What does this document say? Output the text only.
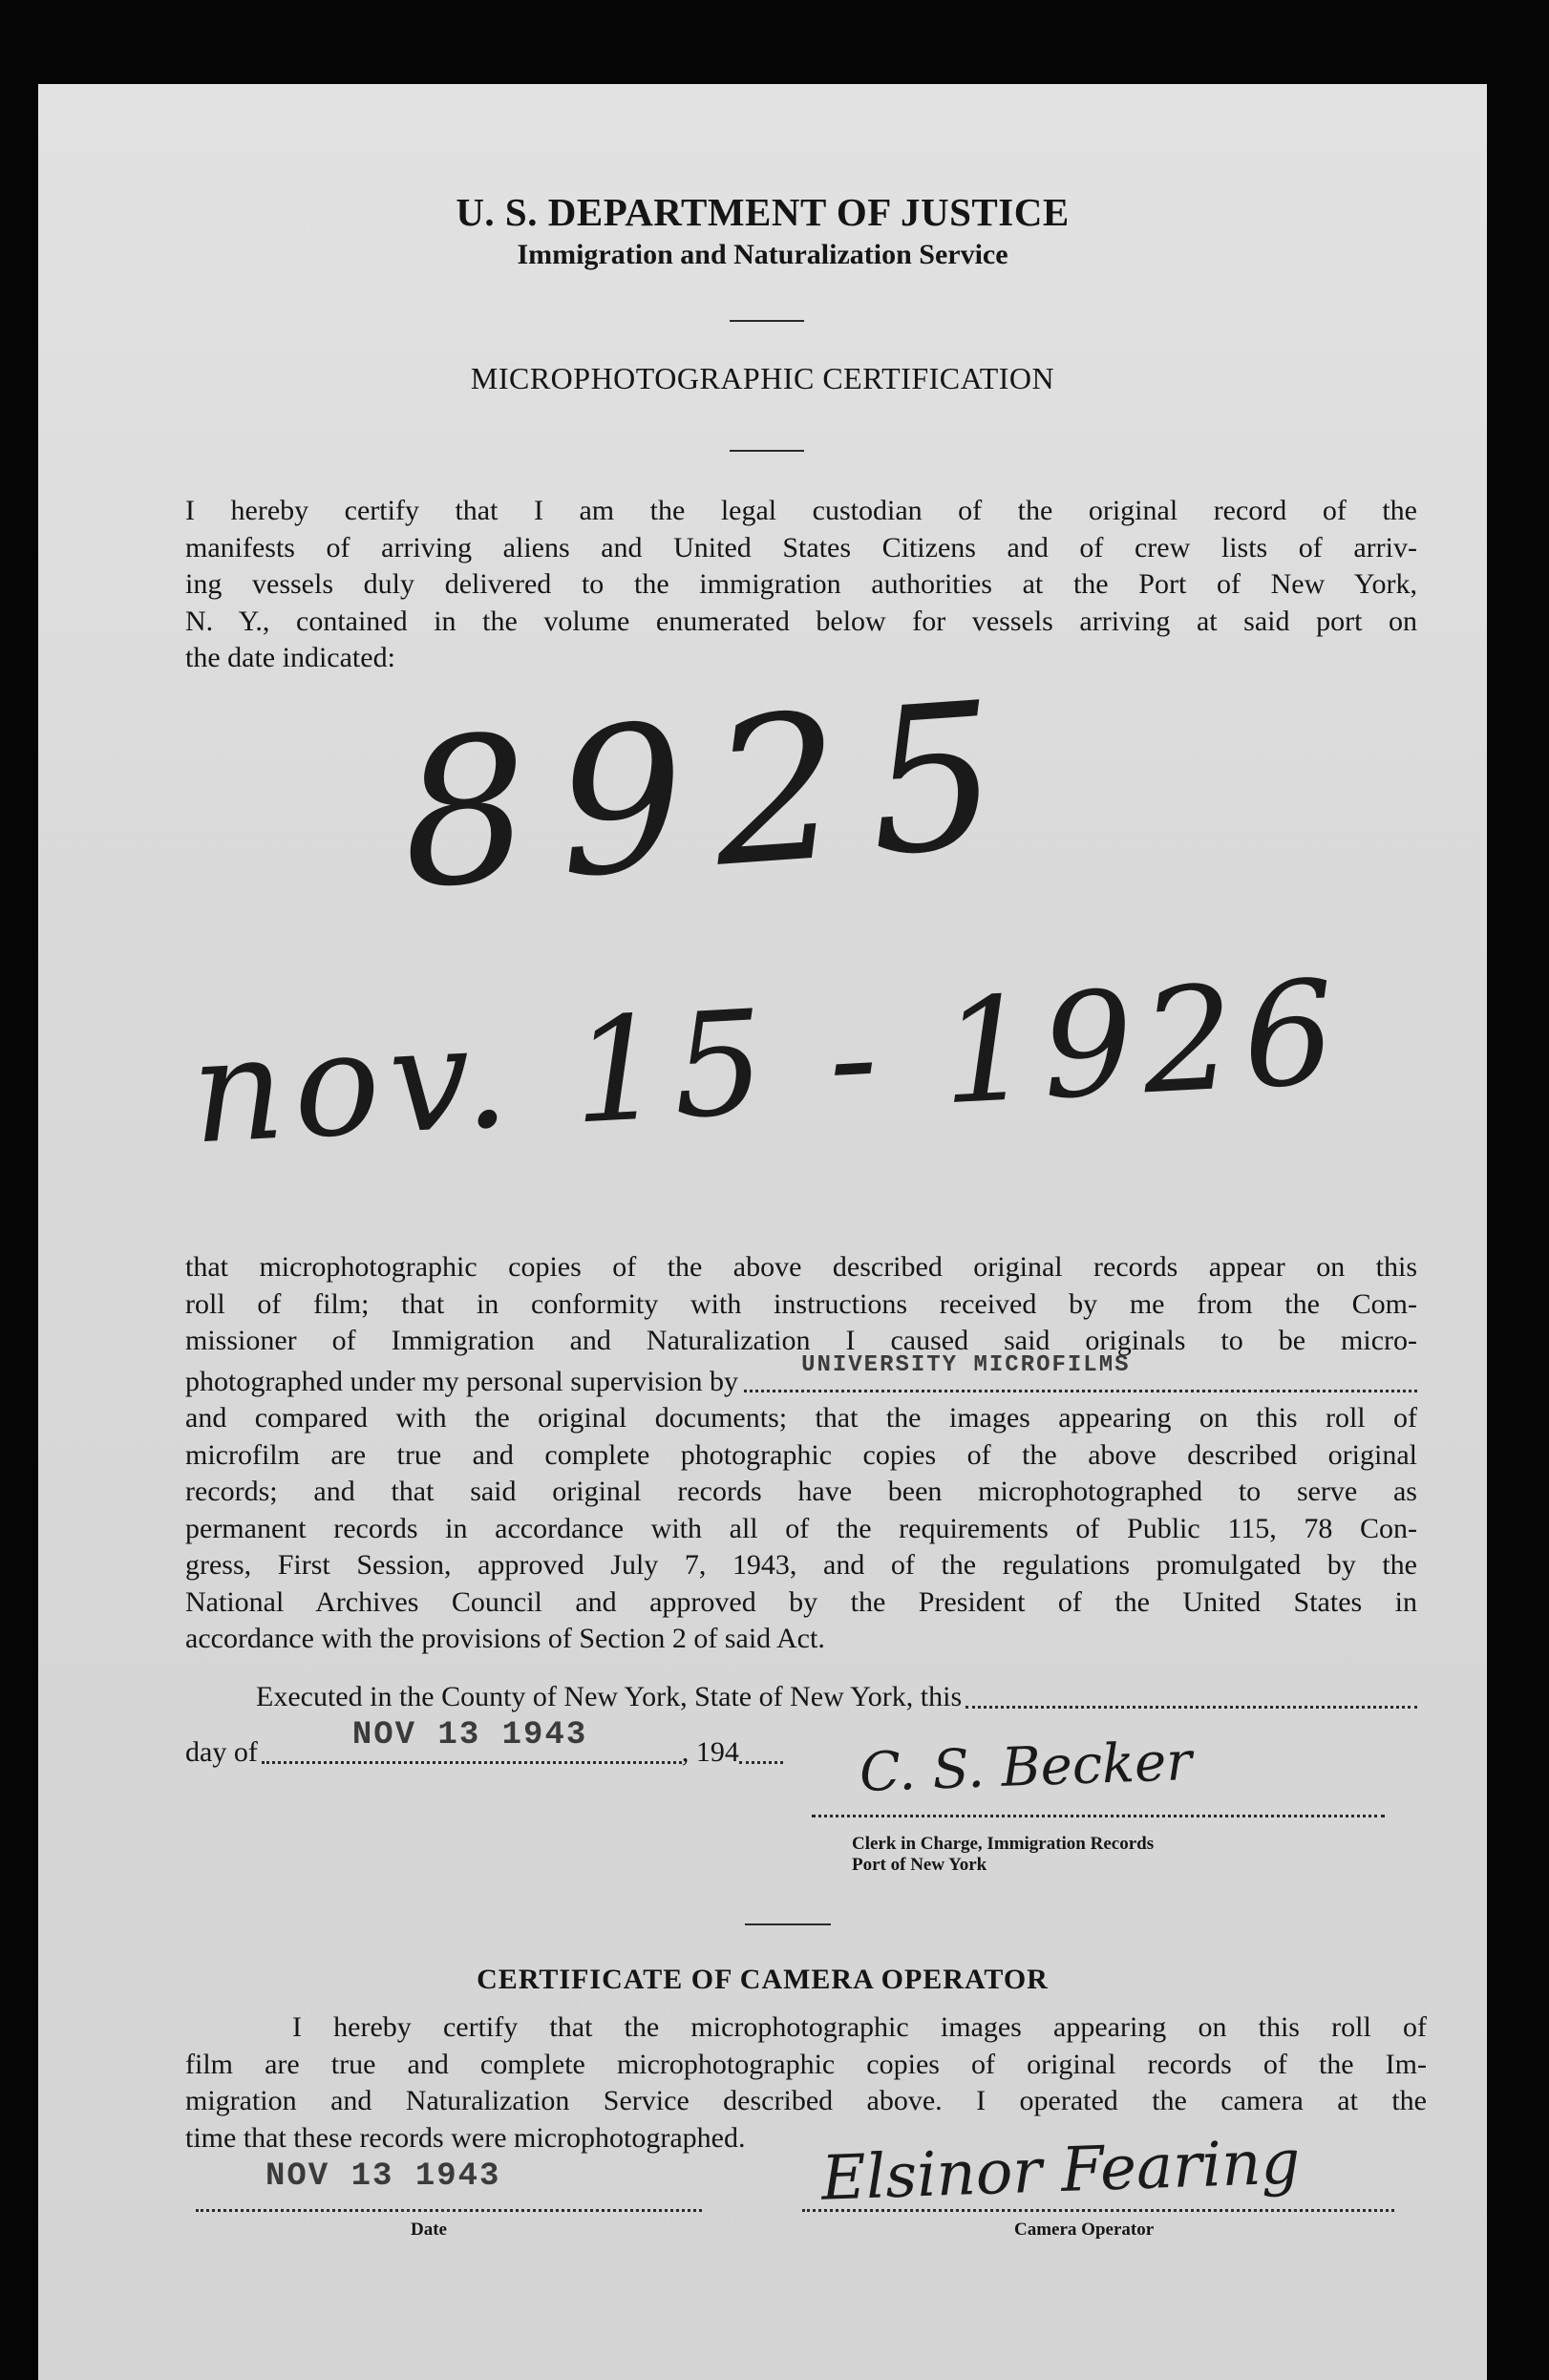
U. S. DEPARTMENT OF JUSTICE
Immigration and Naturalization Service
MICROPHOTOGRAPHIC CERTIFICATION
I hereby certify that I am the legal custodian of the original record of the
manifests of arriving aliens and United States Citizens and of crew lists of arriv-
ing vessels duly delivered to the immigration authorities at the Port of New York,
N. Y., contained in the volume enumerated below for vessels arriving at said port on
the date indicated:
8925
nov. 15 - 1926
that microphotographic copies of the above described original records appear on this
roll of film; that in conformity with instructions received by me from the Com-
missioner of Immigration and Naturalization I caused said originals to be micro-
photographed under my personal supervision by	UNIVERSITY MICROFILMS
and compared with the original documents; that the images appearing on this roll of
microfilm are true and complete photographic copies of the above described original
records; and that said original records have been microphotographed to serve as
permanent records in accordance with all of the requirements of Public 115, 78 Con-
gress, First Session, approved July 7, 1943, and of the regulations promulgated by the
National Archives Council and approved by the President of the United States in
accordance with the provisions of Section 2 of said Act.
Executed in the County of New York, State of New York, this
day of	NOV 13 1943	, 194 C. S. Becker
Clerk in Charge, Immigration Records
Port of New York
CERTIFICATE OF CAMERA OPERATOR
I hereby certify that the microphotographic images appearing on this roll of
film are true and complete microphotographic copies of original records of the Im-
migration and Naturalization Service described above. I operated the camera at the
time that these records were microphotographed.
NOV 13 1943
Date
Elsinor Fearing
Camera Operator
